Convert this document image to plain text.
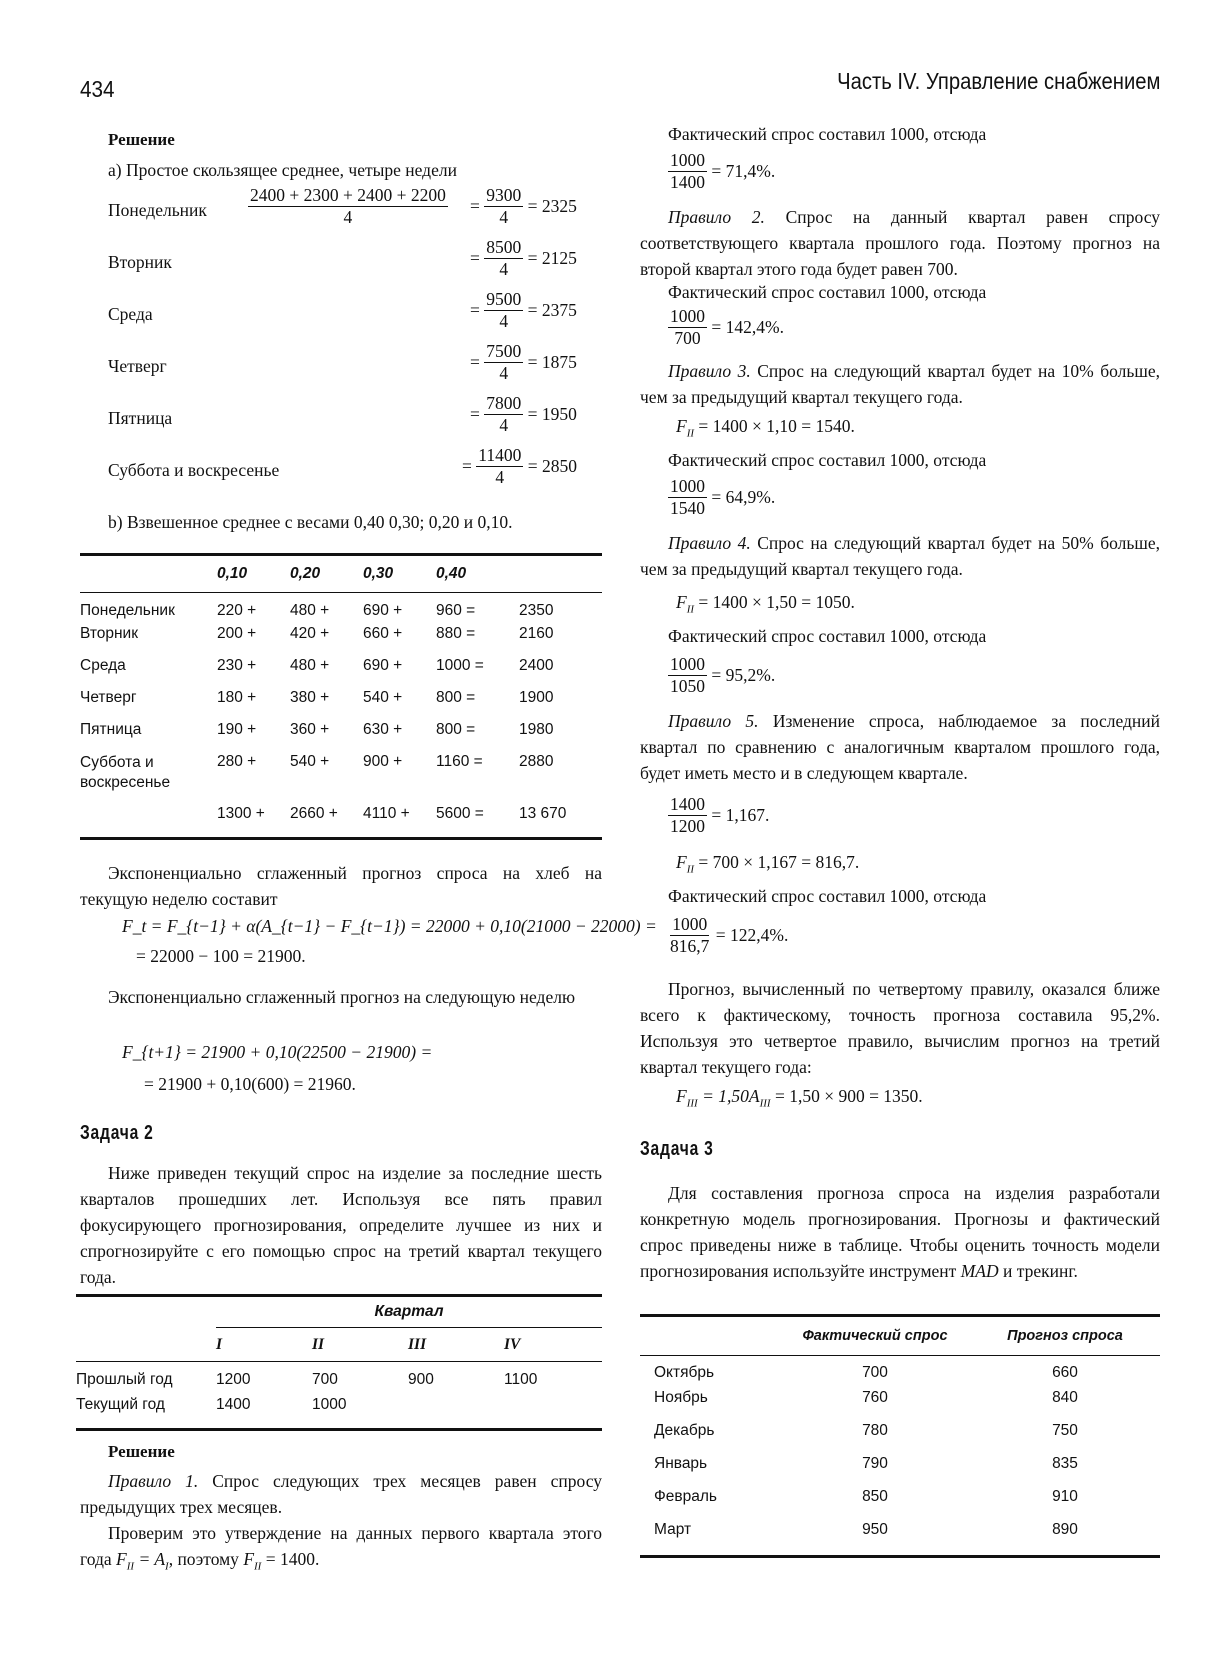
434	Часть IV. Управление снабжением
Решение
а) Простое скользящее среднее, четыре недели
Понедельник $\frac{2400 + 2300 + 2400 + 2200}{4}$ =
$\frac{9300}{4}$
= 2325
Вторник	=
$\frac{8500}{4}$
= 2125
Среда	=
$\frac{9500}{4}$
= 2375
Четверг	=
$\frac{7500}{4}$
= 1875
Пятница	=
$\frac{7800}{4}$
= 1950
Суббота и воскресенье	=
$\frac{11400}{4}$
= 2850
b) Взвешенное среднее с весами 0,40 0,30; 0,20 и 0,10.
	0,10	0,20	0,30	0,40	
Понедельник	220 +	480 +	690 +	960 =	2350
Вторник	200 +	420 +	660 +	880 =	2160
Среда	230 +	480 +	690 +	1000 =	2400
Четверг	180 +	380 +	540 +	800 =	1900
Пятница	190 +	360 +	630 +	800 =	1980
Суббота и воскресенье	280 +	540 +	900 +	1160 =	2880
	1300 +	2660 +	4110 +	5600 =	13 670
Экспоненциально сглаженный прогноз спроса на хлеб на текущую неделю составит
F_t = F_{t−1} + α(A_{t−1} − F_{t−1}) = 22000 + 0,10(21000 − 22000) =
= 22000 − 100 = 21900.
Экспоненциально сглаженный прогноз на следующую неделю
F_{t+1} = 21900 + 0,10(22500 − 21900) =
= 21900 + 0,10(600) = 21960.
Задача 2
Ниже приведен текущий спрос на изделие за последние шесть кварталов прошедших лет. Используя все пять правил фокусирующего прогнозирования, определите лучшее из них и спрогнозируйте с его помощью спрос на третий квартал текущего года.
	Квартал			
	I	II	III	IV
Прошлый год	1200	700	900	1100
Текущий год	1400	1000		
Решение
Правило 1. Спрос следующих трех месяцев равен спросу предыдущих трех месяцев.
Проверим это утверждение на данных первого квартала этого года $F_{II} = A_I$, поэтому $F_{II} = 1400$.
Фактический спрос составил 1000, отсюда
$\frac{1000}{1400}$
= 71,4%.
Правило 2. Спрос на данный квартал равен спросу соответствующего квартала прошлого года. Поэтому прогноз на второй квартал этого года будет равен 700.
Фактический спрос составил 1000, отсюда
$\frac{1000}{700}$
= 142,4%.
Правило 3. Спрос на следующий квартал будет на 10% больше, чем за предыдущий квартал текущего года.
$F_{II} = 1400 \times 1,10 = 1540$.
Фактический спрос составил 1000, отсюда
$\frac{1000}{1540}$
= 64,9%.
Правило 4. Спрос на следующий квартал будет на 50% больше, чем за предыдущий квартал текущего года.
$F_{II} = 1400 \times 1,50 = 1050$.
Фактический спрос составил 1000, отсюда
$\frac{1000}{1050}$
= 95,2%.
Правило 5. Изменение спроса, наблюдаемое за последний квартал по сравнению с аналогичным кварталом прошлого года, будет иметь место и в следующем квартале.
$\frac{1400}{1200}$
= 1,167.
$F_{II} = 700 \times 1,167 = 816,7$.
Фактический спрос составил 1000, отсюда
$\frac{1000}{816,7}$
= 122,4%.
Прогноз, вычисленный по четвертому правилу, оказался ближе всего к фактическому, точность прогноза составила 95,2%. Используя это четвертое правило, вычислим прогноз на третий квартал текущего года:
$F_{III} = 1,50A_{III} = 1,50 \times 900 = 1350$.
Задача 3
Для составления прогноза спроса на изделия разработали конкретную модель прогнозирования. Прогнозы и фактический спрос приведены ниже в таблице. Чтобы оценить точность модели прогнозирования используйте инструмент MAD и трекинг.
	Фактический спрос	Прогноз спроса
Октябрь	700	660
Ноябрь	760	840
Декабрь	780	750
Январь	790	835
Февраль	850	910
Март	950	890
